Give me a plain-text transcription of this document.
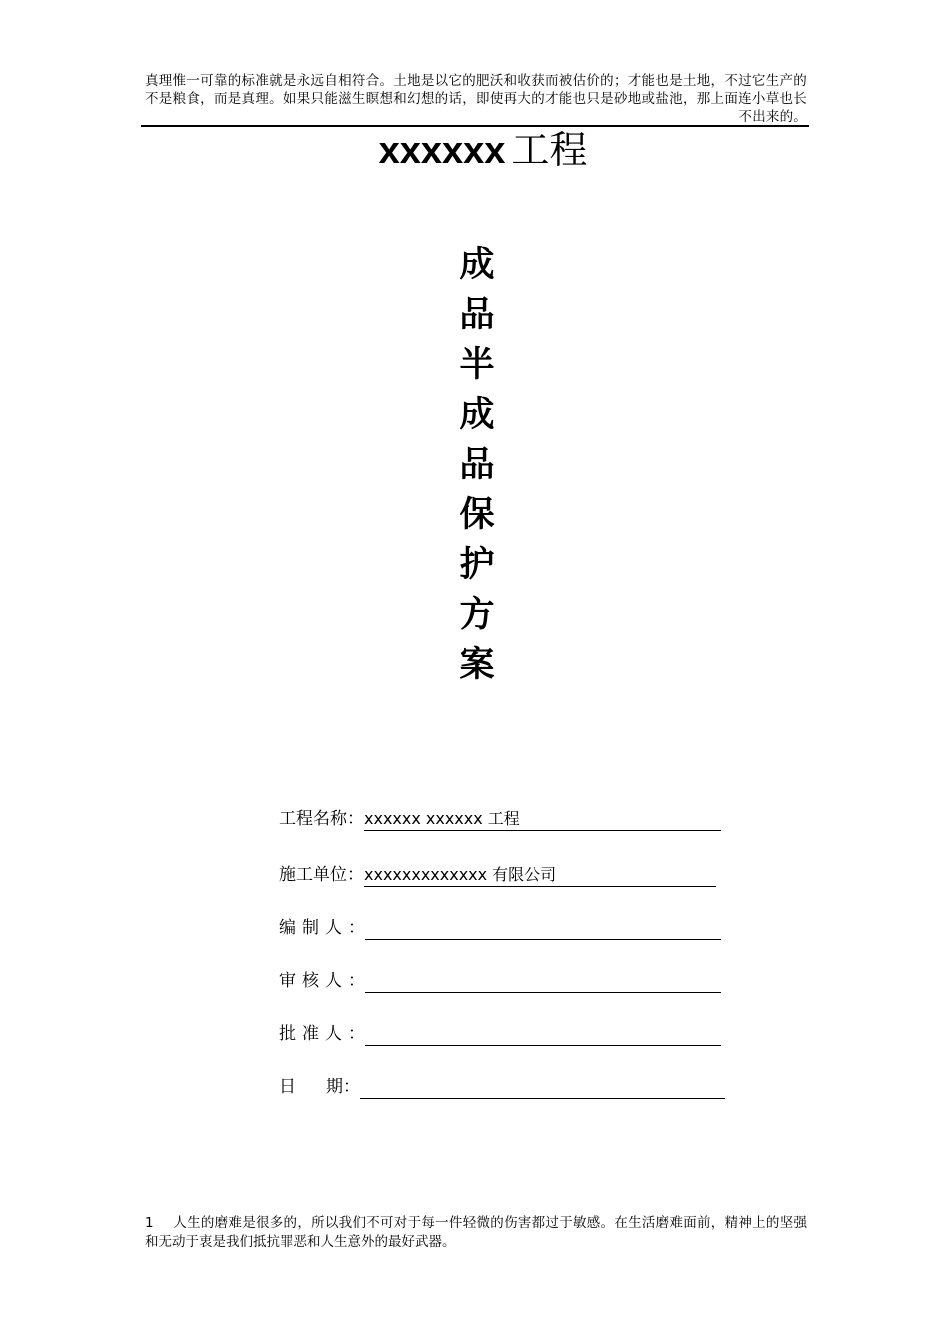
真理惟一可靠的标准就是永远自相符合。土地是以它的肥沃和收获而被估价的；才能也是土地，不过它生产的不是粮食，而是真理。如果只能滋生瞑想和幻想的话，即使再大的才能也只是砂地或盐池，那上面连小草也长不出来的。
xxxxxx 工程
成
品
半
成
品
保
护
方
案
工程名称：xxxxxx xxxxxx 工程
施工单位：xxxxxxxxxxxxx 有限公司
编制人：
审核人：
批准人：
日 期：
1 人生的磨难是很多的，所以我们不可对于每一件轻微的伤害都过于敏感。在生活磨难面前，精神上的坚强和无动于衷是我们抵抗罪恶和人生意外的最好武器。
